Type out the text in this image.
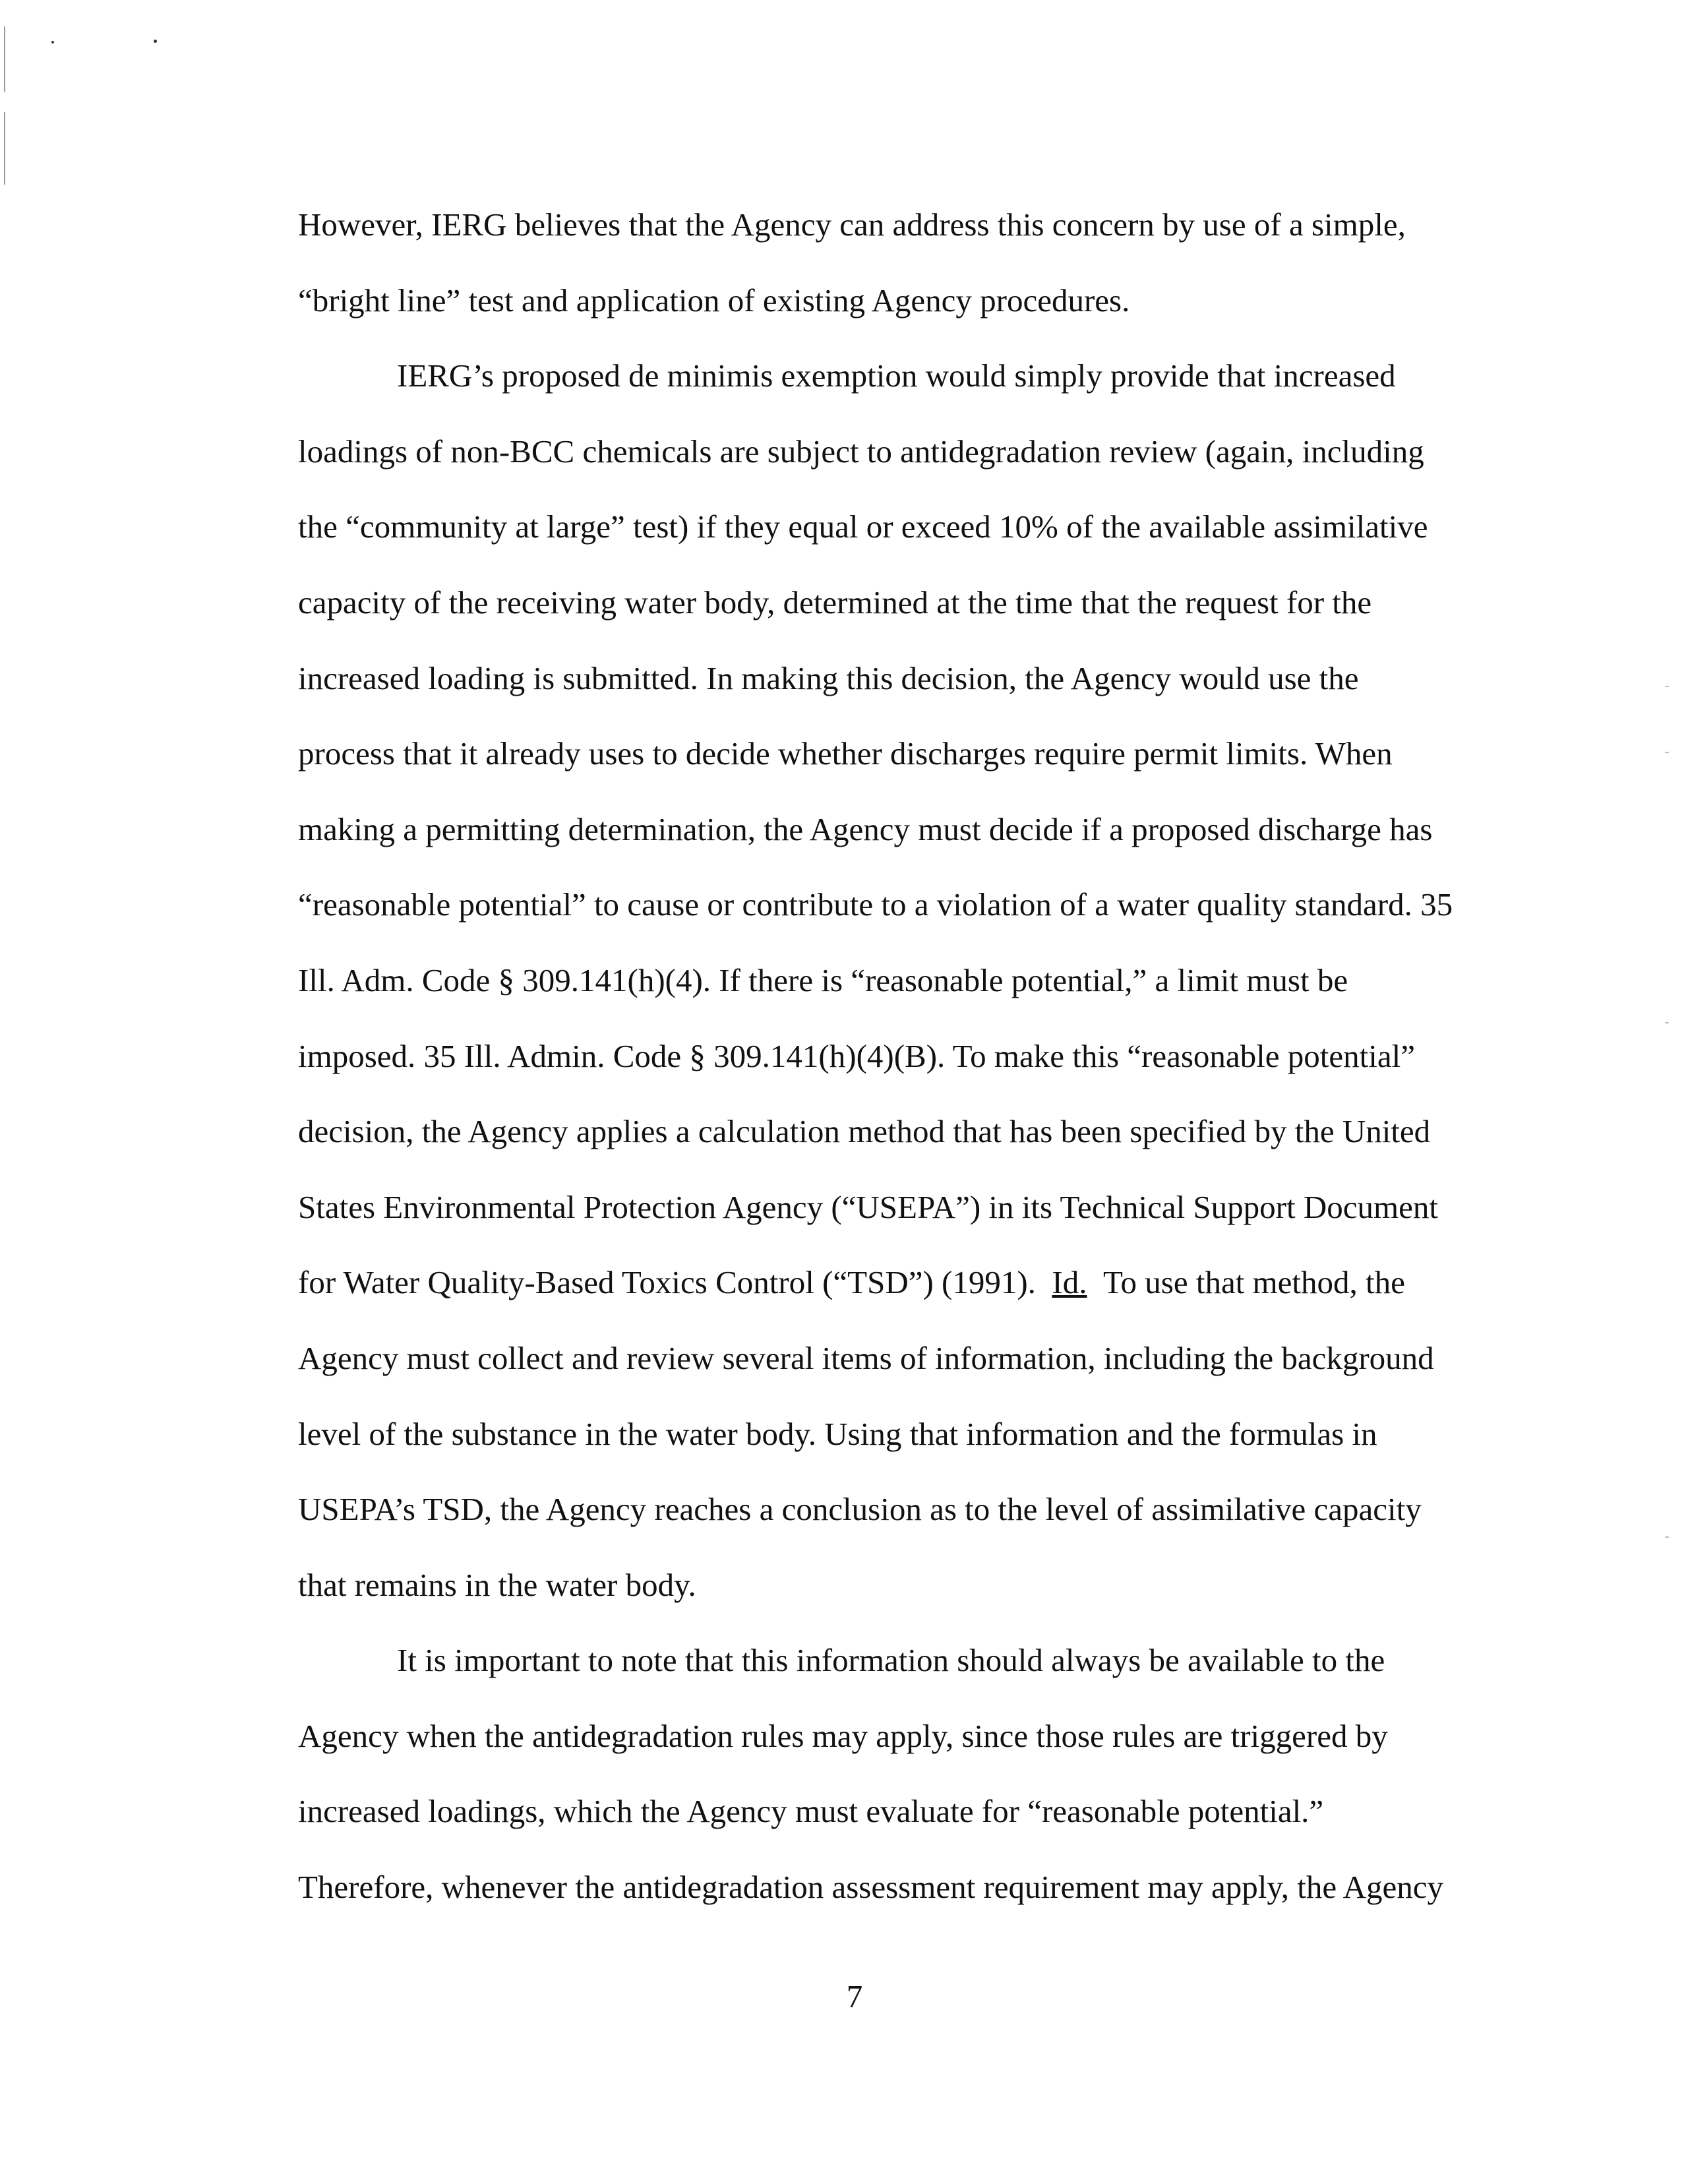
However, IERG believes that the Agency can address this concern by use of a simple,
“bright line” test and application of existing Agency procedures.
IERG’s proposed de minimis exemption would simply provide that increased
loadings of non-BCC chemicals are subject to antidegradation review (again, including
the “community at large” test) if they equal or exceed 10% of the available assimilative
capacity of the receiving water body, determined at the time that the request for the
increased loading is submitted. In making this decision, the Agency would use the
process that it already uses to decide whether discharges require permit limits. When
making a permitting determination, the Agency must decide if a proposed discharge has
“reasonable potential” to cause or contribute to a violation of a water quality standard. 35
Ill. Adm. Code § 309.141(h)(4). If there is “reasonable potential,” a limit must be
imposed. 35 Ill. Admin. Code § 309.141(h)(4)(B). To make this “reasonable potential”
decision, the Agency applies a calculation method that has been specified by the United
States Environmental Protection Agency (“USEPA”) in its Technical Support Document
for Water Quality-Based Toxics Control (“TSD”) (1991). Id. To use that method, the
Agency must collect and review several items of information, including the background
level of the substance in the water body. Using that information and the formulas in
USEPA’s TSD, the Agency reaches a conclusion as to the level of assimilative capacity
that remains in the water body.
It is important to note that this information should always be available to the
Agency when the antidegradation rules may apply, since those rules are triggered by
increased loadings, which the Agency must evaluate for “reasonable potential.”
Therefore, whenever the antidegradation assessment requirement may apply, the Agency
7
